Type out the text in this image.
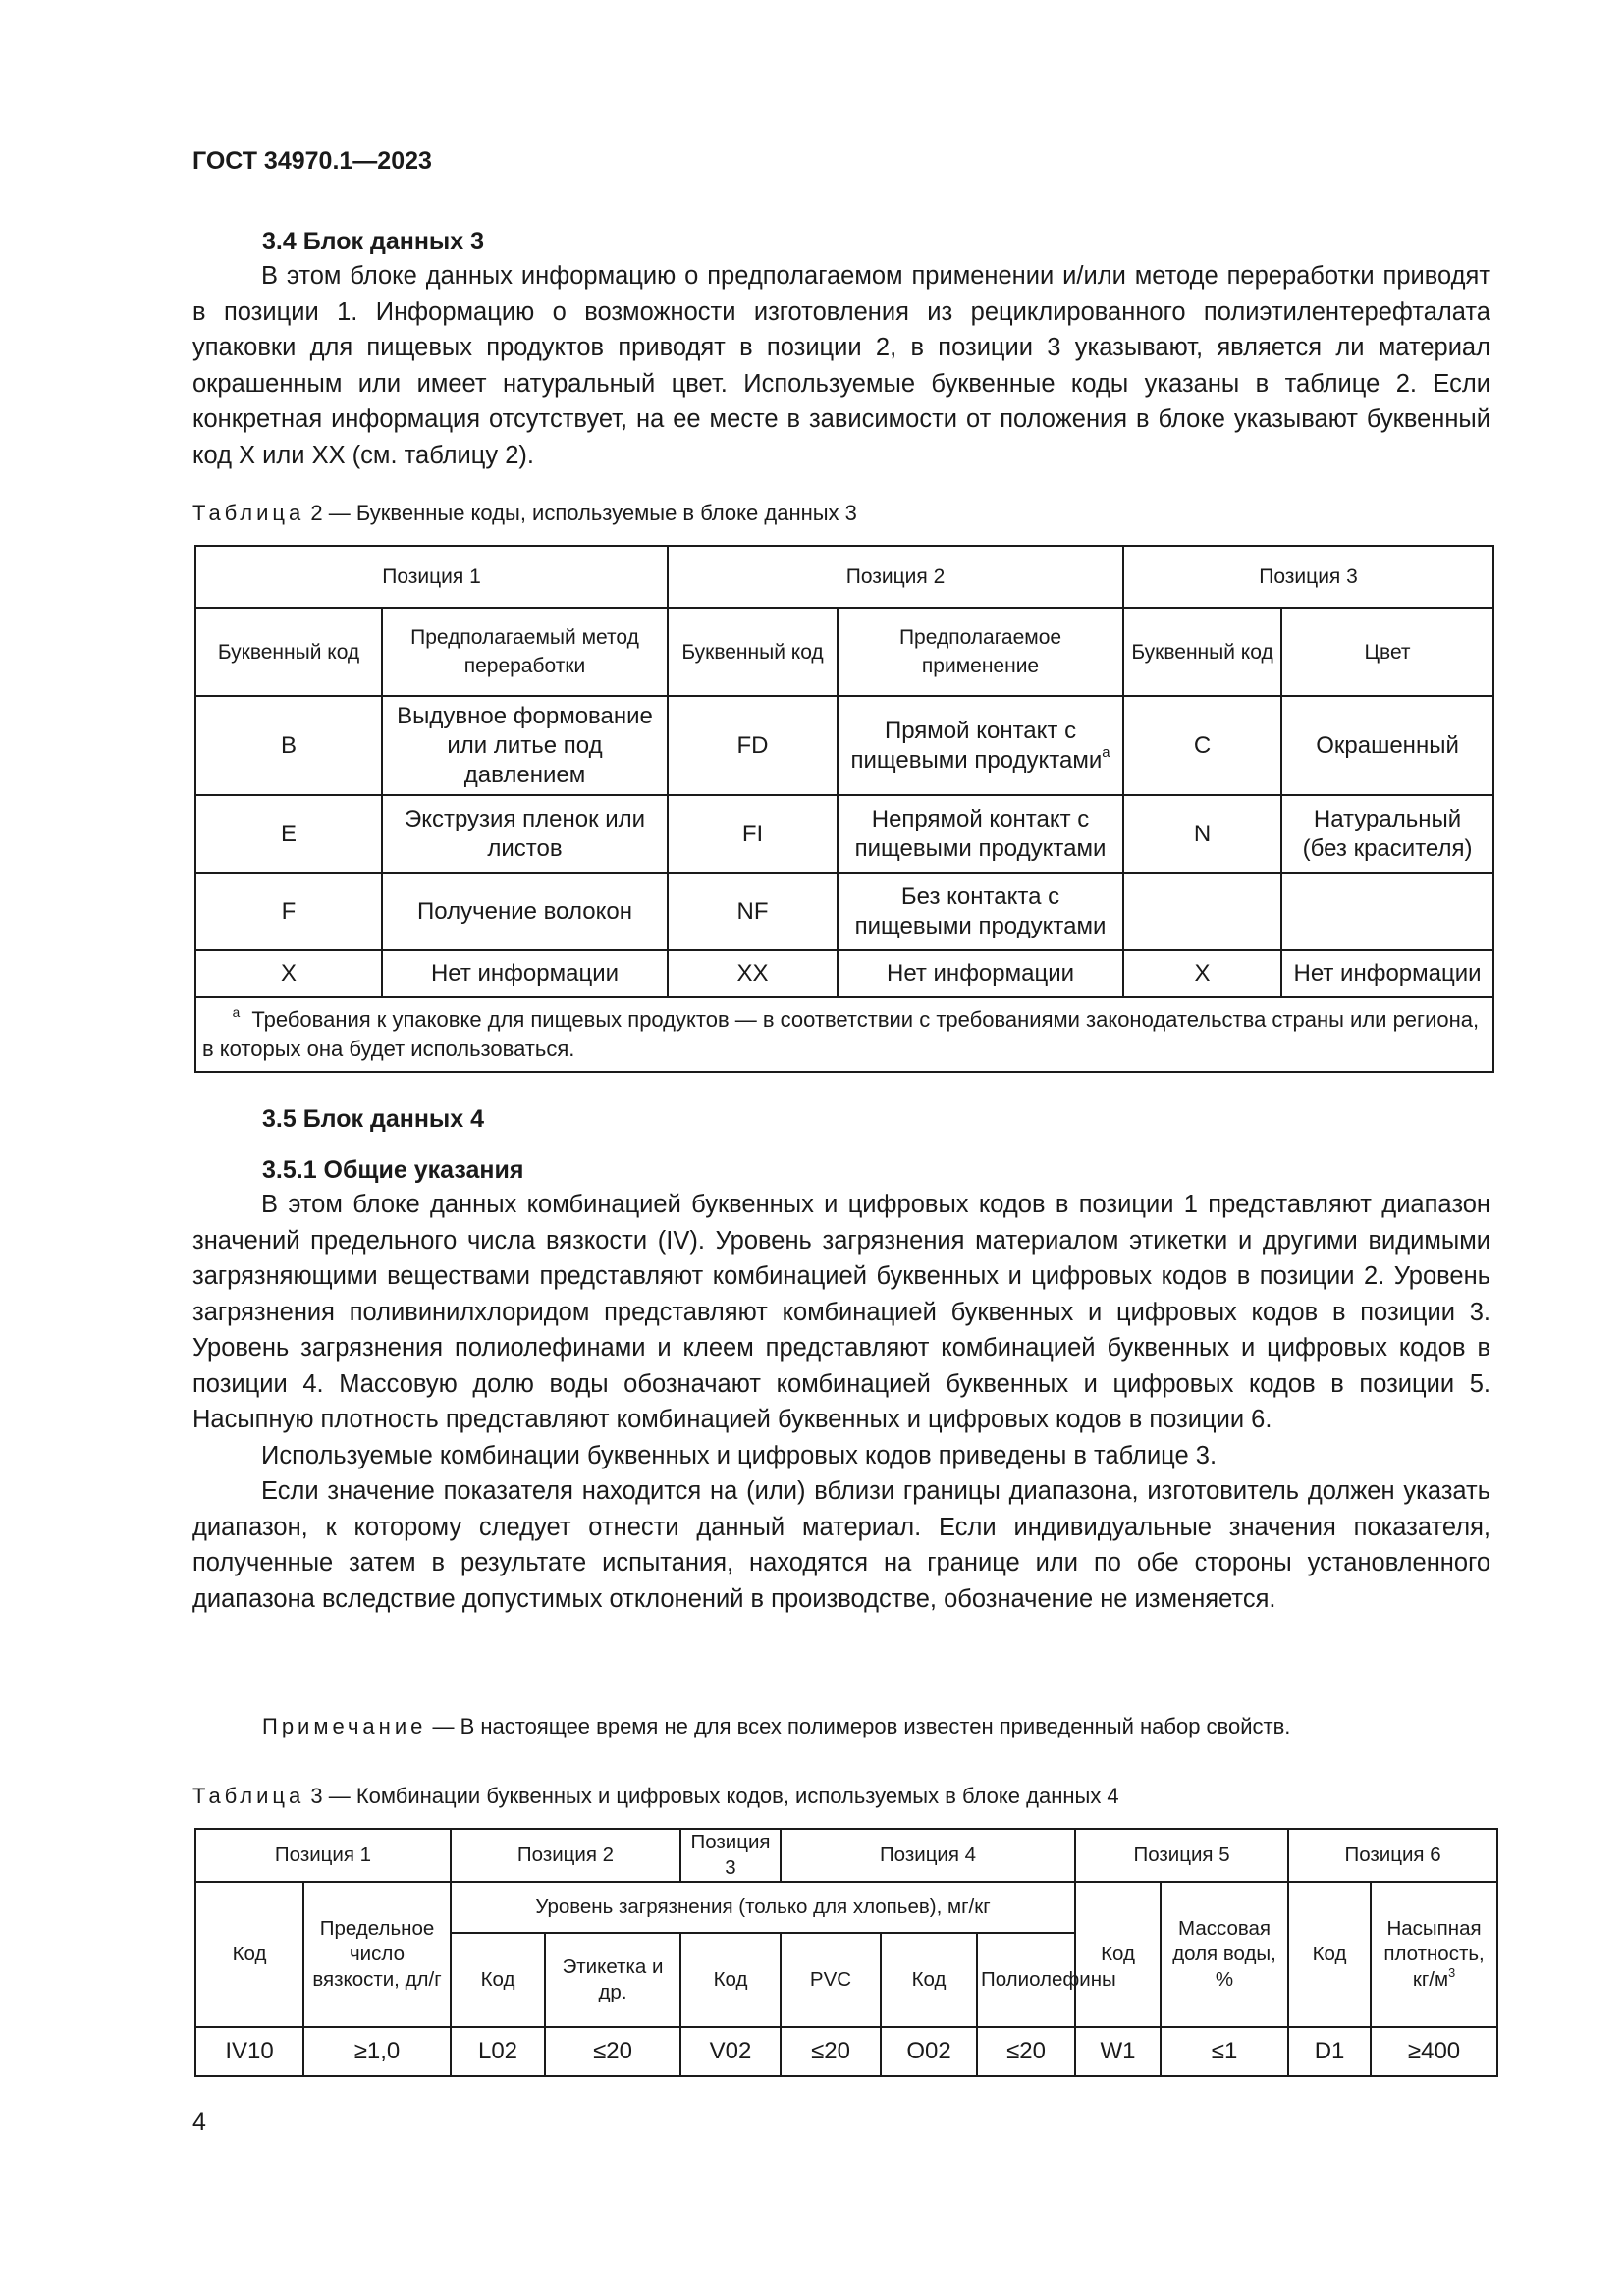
ГОСТ 34970.1—2023
3.4 Блок данных 3

В этом блоке данных информацию о предполагаемом применении и/или методе переработки приводят в позиции 1. Информацию о возможности изготовления из рециклированного полиэтилентерефталата упаковки для пищевых продуктов приводят в позиции 2, в позиции 3 указывают, является ли материал окрашенным или имеет натуральный цвет. Используемые буквенные коды указаны в таблице 2. Если конкретная информация отсутствует, на ее месте в зависимости от положения в блоке указывают буквенный код X или XX (см. таблицу 2).

Таблица 2 — Буквенные коды, используемые в блоке данных 3
Позиция 1		Позиция 2		Позиция 3	
Буквенный код	Предполагаемый метод переработки	Буквенный код	Предполагаемое применение	Буквенный код	Цвет
B	Выдувное формование или литье под давлением	FD	Прямой контакт с пищевыми продуктами$^a$	C	Окрашенный
E	Экструзия пленок или листов	FI	Непрямой контакт с пищевыми продуктами	N	Натуральный (без красителя)
F	Получение волокон	NF	Без контакта с пищевыми продуктами		
X	Нет информации	XX	Нет информации	X	Нет информации
$^a$ Требования к упаковке для пищевых продуктов — в соответствии с требованиями законодательства страны или региона, в которых она будет использоваться.					
3.5 Блок данных 4
3.5.1 Общие указания

В этом блоке данных комбинацией буквенных и цифровых кодов в позиции 1 представляют диапазон значений предельного числа вязкости (IV). Уровень загрязнения материалом этикетки и другими видимыми загрязняющими веществами представляют комбинацией буквенных и цифровых кодов в позиции 2. Уровень загрязнения поливинилхлоридом представляют комбинацией буквенных и цифровых кодов в позиции 3. Уровень загрязнения полиолефинами и клеем представляют комбинацией буквенных и цифровых кодов в позиции 4. Массовую долю воды обозначают комбинацией буквенных и цифровых кодов в позиции 5. Насыпную плотность представляют комбинацией буквенных и цифровых кодов в позиции 6.

Используемые комбинации буквенных и цифровых кодов приведены в таблице 3.

Если значение показателя находится на (или) вблизи границы диапазона, изготовитель должен указать диапазон, к которому следует отнести данный материал. Если индивидуальные значения показателя, полученные затем в результате испытания, находятся на границе или по обе стороны установленного диапазона вследствие допустимых отклонений в производстве, обозначение не изменяется.

Примечание — В настоящее время не для всех полимеров известен приведенный набор свойств.
Таблица 3 — Комбинации буквенных и цифровых кодов, используемых в блоке данных 4
Позиция 1		Позиция 2		Позиция 3	Позиция 4			Позиция 5		Позиция 6	
Код	Предельное число вязкости, дл/г	Уровень загрязнения (только для хлопьев), мг/кг						Код	Массовая доля воды, %	Код	Насыпная плотность, $кг/м^3$
		Код	Этикетка и др.	Код	PVC	Код	Полиолефины				
IV10	≥1,0	L02	≤20	V02	≤20	O02	≤20	W1	≤1	D1	≥400
4
